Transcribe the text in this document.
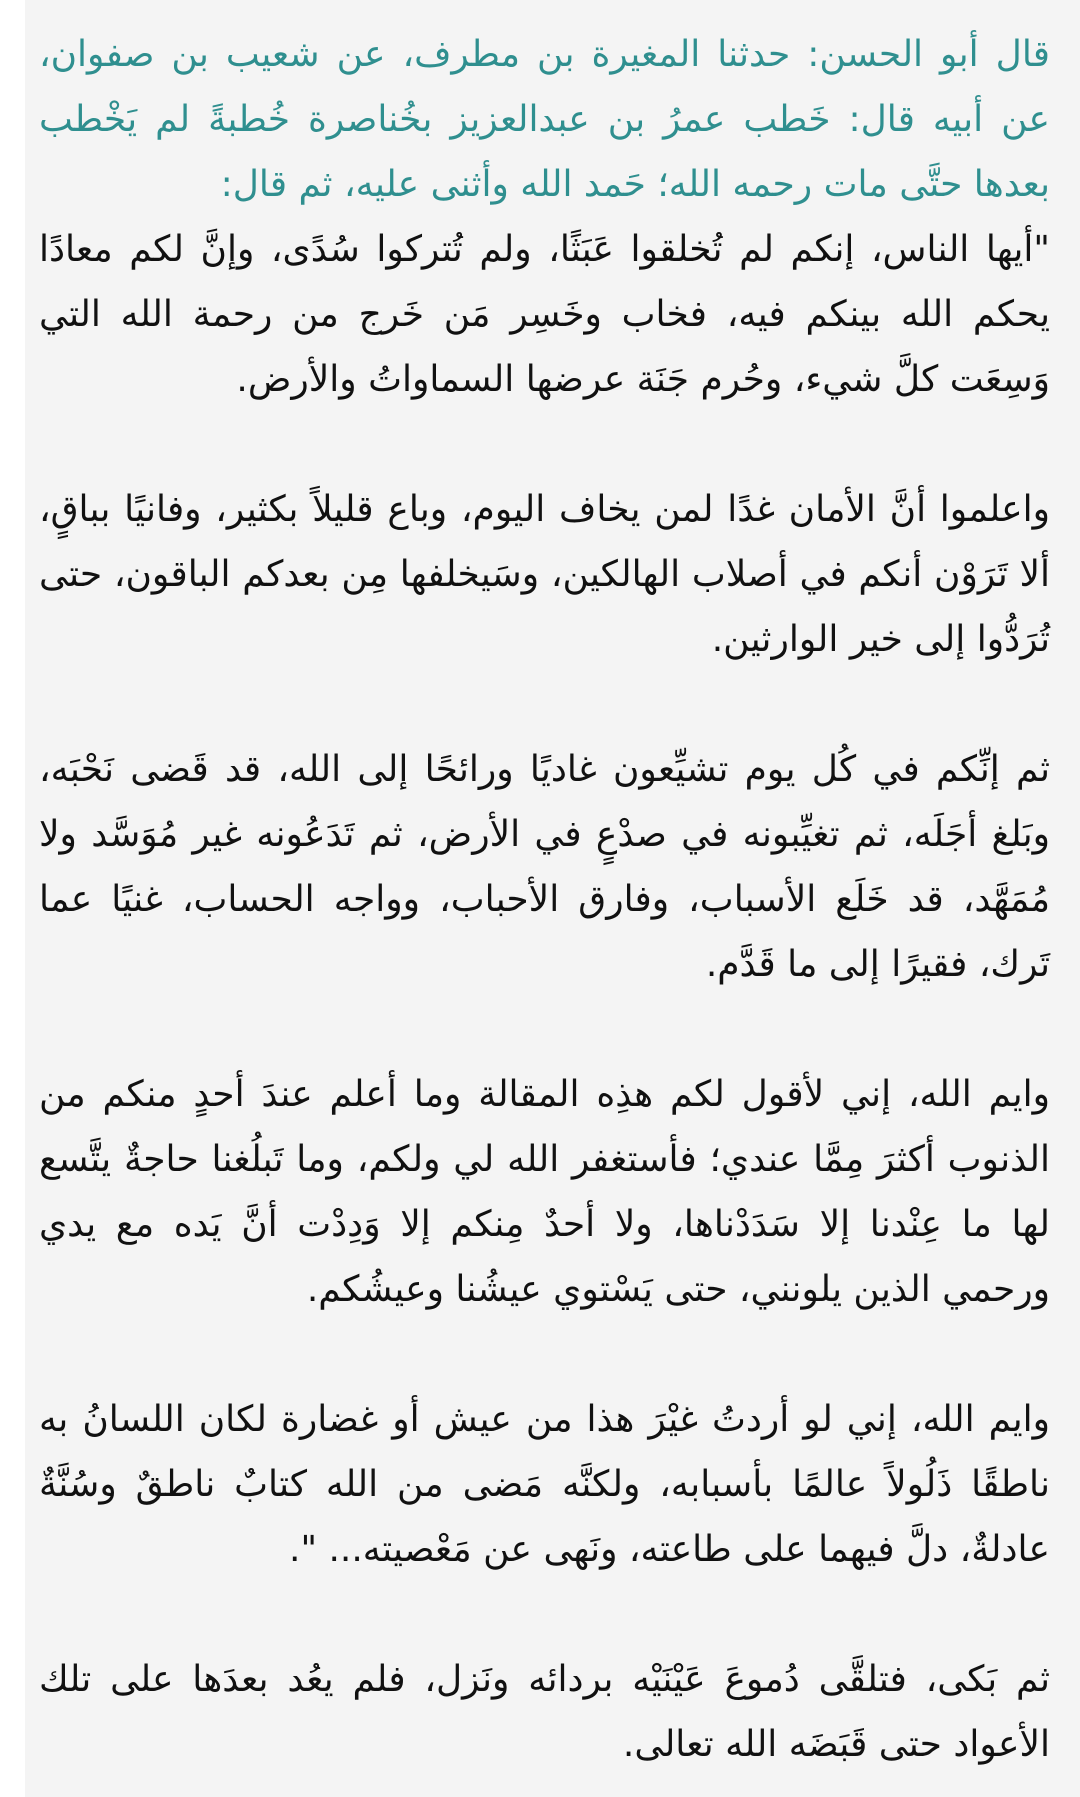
قال أبو الحسن: حدثنا المغيرة بن مطرف، عن شعيب بن صفوان، عن أبيه قال: خَطب عمرُ بن عبدالعزيز بخُناصرة خُطبةً لم يَخْطب بعدها حتَّى مات رحمه الله؛ حَمد الله وأثنى عليه، ثم قال:

"أيها الناس، إنكم لم تُخلقوا عَبَثًا، ولم تُتركوا سُدًى، وإنَّ لكم معادًا يحكم الله بينكم فيه، فخاب وخَسِر مَن خَرج من رحمة الله التي وَسِعَت كلَّ شيء، وحُرم جَنَة عرضها السماواتُ والأرض.

واعلموا أنَّ الأمان غدًا لمن يخاف اليوم، وباع قليلاً بكثير، وفانيًا بباقٍ، ألا تَرَوْن أنكم في أصلاب الهالكين، وسَيخلفها مِن بعدكم الباقون، حتى تُرَدُّوا إلى خير الوارثين.

ثم إنِّكم في كُل يوم تشيِّعون غاديًا ورائحًا إلى الله، قد قَضى نَحْبَه، وبَلغ أجَلَه، ثم تغيِّبونه في صدْعٍ في الأرض، ثم تَدَعُونه غير مُوَسَّد ولا مُمَهَّد، قد خَلَع الأسباب، وفارق الأحباب، وواجه الحساب، غنيًا عما تَرك، فقيرًا إلى ما قَدَّم.

وايم الله، إني لأقول لكم هذِه المقالة وما أعلم عندَ أحدٍ منكم من الذنوب أكثرَ مِمَّا عندي؛ فأستغفر الله لي ولكم، وما تَبلُغنا حاجةٌ يتَّسع لها ما عِنْدنا إلا سَدَدْناها، ولا أحدٌ مِنكم إلا وَدِدْت أنَّ يَده مع يدي ورحمي الذين يلونني، حتى يَسْتوي عيشُنا وعيشُكم.

وايم الله، إني لو أردتُ غيْرَ هذا من عيش أو غضارة لكان اللسانُ به ناطقًا ذَلُولاً عالمًا بأسبابه، ولكنَّه مَضى من الله كتابٌ ناطقٌ وسُنَّةٌ عادلةٌ، دلَّ فيهما على طاعته، ونَهى عن مَعْصيته... ".

ثم بَكى، فتلقَّى دُموعَ عَيْنَيْه بردائه ونَزل، فلم يعُد بعدَها على تلك الأعواد حتى قَبَضَه الله تعالى.
